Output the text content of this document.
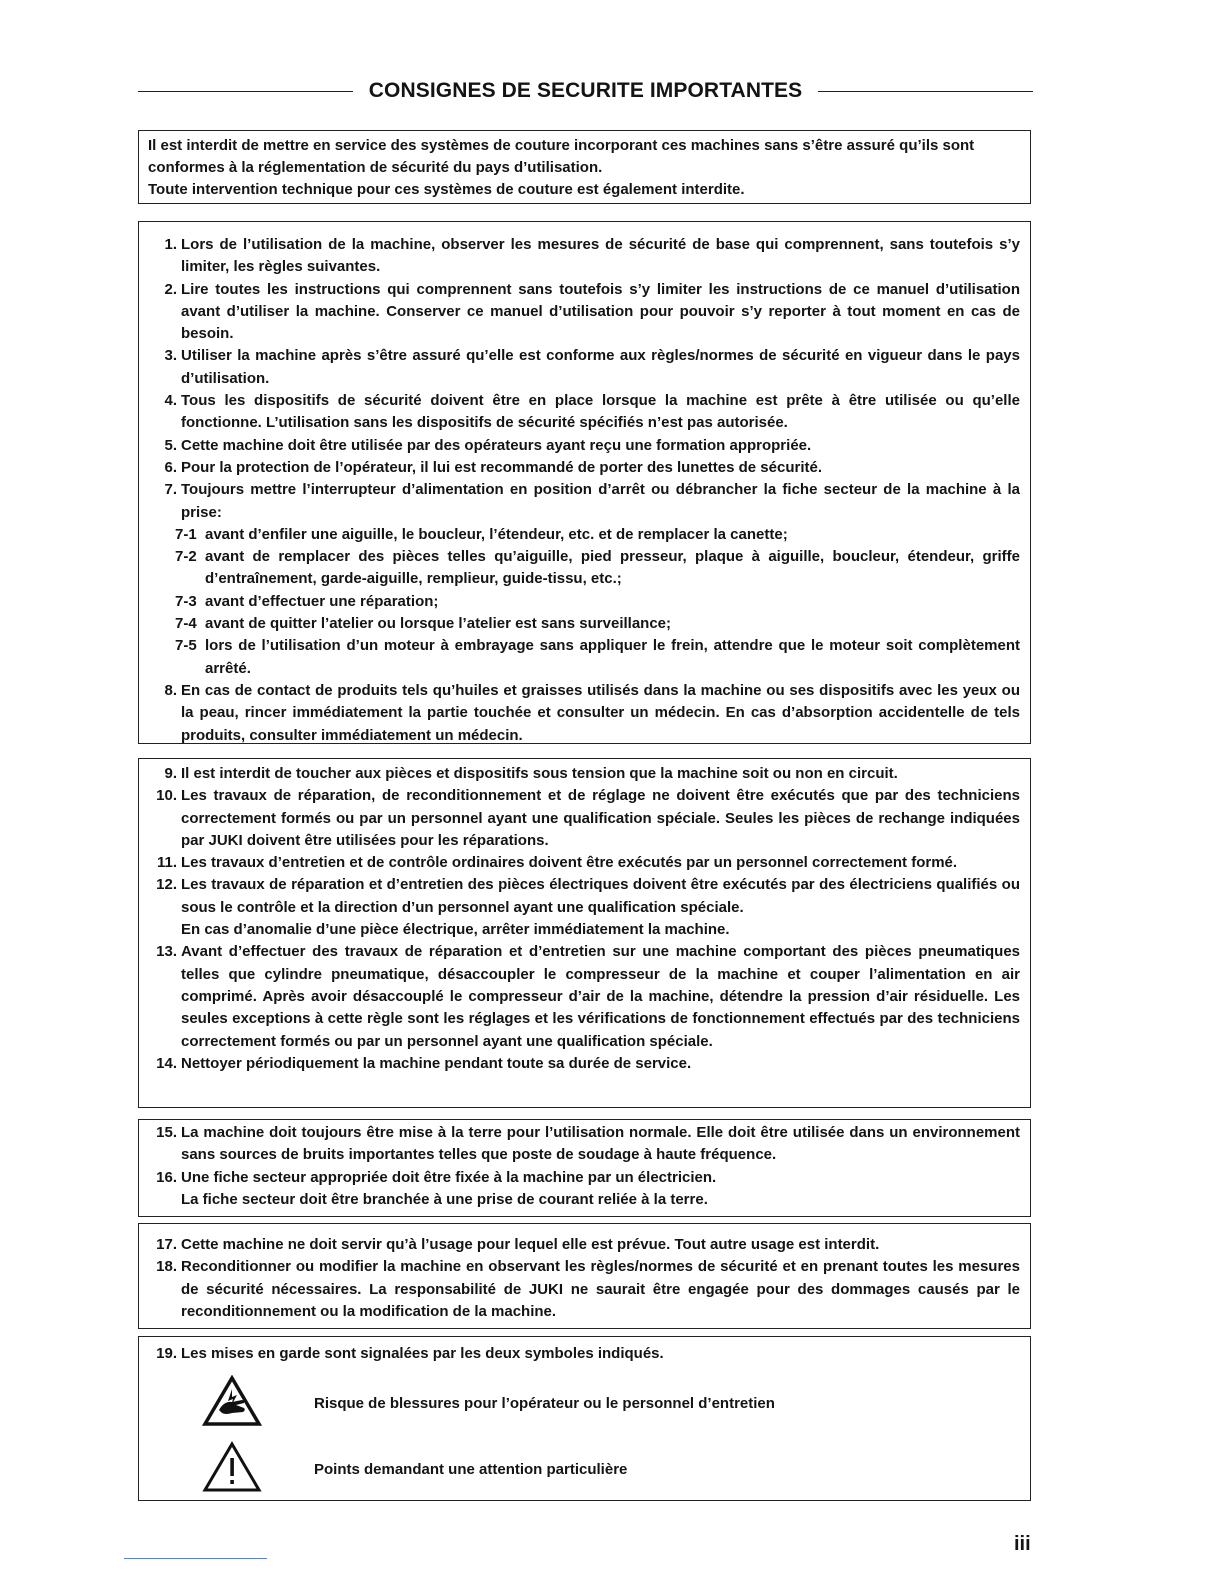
CONSIGNES DE SECURITE IMPORTANTES

Il est interdit de mettre en service des systèmes de couture incorporant ces machines sans s’être assuré qu’ils sont conformes à la réglementation de sécurité du pays d’utilisation.

Toute intervention technique pour ces systèmes de couture est également interdite.

1. Lors de l’utilisation de la machine, observer les mesures de sécurité de base qui comprennent, sans toutefois s’y limiter, les règles suivantes.
2. Lire toutes les instructions qui comprennent sans toutefois s’y limiter les instructions de ce manuel d’utilisation avant d’utiliser la machine. Conserver ce manuel d’utilisation pour pouvoir s’y reporter à tout moment en cas de besoin.
3. Utiliser la machine après s’être assuré qu’elle est conforme aux règles/normes de sécurité en vigueur dans le pays d’utilisation.
4. Tous les dispositifs de sécurité doivent être en place lorsque la machine est prête à être utilisée ou qu’elle fonctionne. L’utilisation sans les dispositifs de sécurité spécifiés n’est pas autorisée.
5. Cette machine doit être utilisée par des opérateurs ayant reçu une formation appropriée.
6. Pour la protection de l’opérateur, il lui est recommandé de porter des lunettes de sécurité.
7. Toujours mettre l’interrupteur d’alimentation en position d’arrêt ou débrancher la fiche secteur de la machine à la prise:
7-1 avant d’enfiler une aiguille, le boucleur, l’étendeur, etc. et de remplacer la canette;
7-2 avant de remplacer des pièces telles qu’aiguille, pied presseur, plaque à aiguille, boucleur, étendeur, griffe d’entraînement, garde-aiguille, remplieur, guide-tissu, etc.;
7-3 avant d’effectuer une réparation;
7-4 avant de quitter l’atelier ou lorsque l’atelier est sans surveillance;
7-5 lors de l’utilisation d’un moteur à embrayage sans appliquer le frein, attendre que le moteur soit complètement arrêté.
8. En cas de contact de produits tels qu’huiles et graisses utilisés dans la machine ou ses dispositifs avec les yeux ou la peau, rincer immédiatement la partie touchée et consulter un médecin. En cas d’absorption accidentelle de tels produits, consulter immédiatement un médecin.
9. Il est interdit de toucher aux pièces et dispositifs sous tension que la machine soit ou non en circuit.
10. Les travaux de réparation, de reconditionnement et de réglage ne doivent être exécutés que par des techniciens correctement formés ou par un personnel ayant une qualification spéciale. Seules les pièces de rechange indiquées par JUKI doivent être utilisées pour les réparations.
11. Les travaux d’entretien et de contrôle ordinaires doivent être exécutés par un personnel correctement formé.
12. Les travaux de réparation et d’entretien des pièces électriques doivent être exécutés par des électriciens qualifiés ou sous le contrôle et la direction d’un personnel ayant une qualification spéciale.
En cas d’anomalie d’une pièce électrique, arrêter immédiatement la machine.
13. Avant d’effectuer des travaux de réparation et d’entretien sur une machine comportant des pièces pneumatiques telles que cylindre pneumatique, désaccoupler le compresseur de la machine et couper l’alimentation en air comprimé. Après avoir désaccouplé le compresseur d’air de la machine, détendre la pression d’air résiduelle. Les seules exceptions à cette règle sont les réglages et les vérifications de fonctionnement effectués par des techniciens correctement formés ou par un personnel ayant une qualification spéciale.
14. Nettoyer périodiquement la machine pendant toute sa durée de service.
15. La machine doit toujours être mise à la terre pour l’utilisation normale. Elle doit être utilisée dans un environnement sans sources de bruits importantes telles que poste de soudage à haute fréquence.
16. Une fiche secteur appropriée doit être fixée à la machine par un électricien.
La fiche secteur doit être branchée à une prise de courant reliée à la terre.
17. Cette machine ne doit servir qu’à l’usage pour lequel elle est prévue. Tout autre usage est interdit.
18. Reconditionner ou modifier la machine en observant les règles/normes de sécurité et en prenant toutes les mesures de sécurité nécessaires. La responsabilité de JUKI ne saurait être engagée pour des dommages causés par le reconditionnement ou la modification de la machine.
19. Les mises en garde sont signalées par les deux symboles indiqués.
Risque de blessures pour l’opérateur ou le personnel d’entretien
Points demandant une attention particulière
iii
